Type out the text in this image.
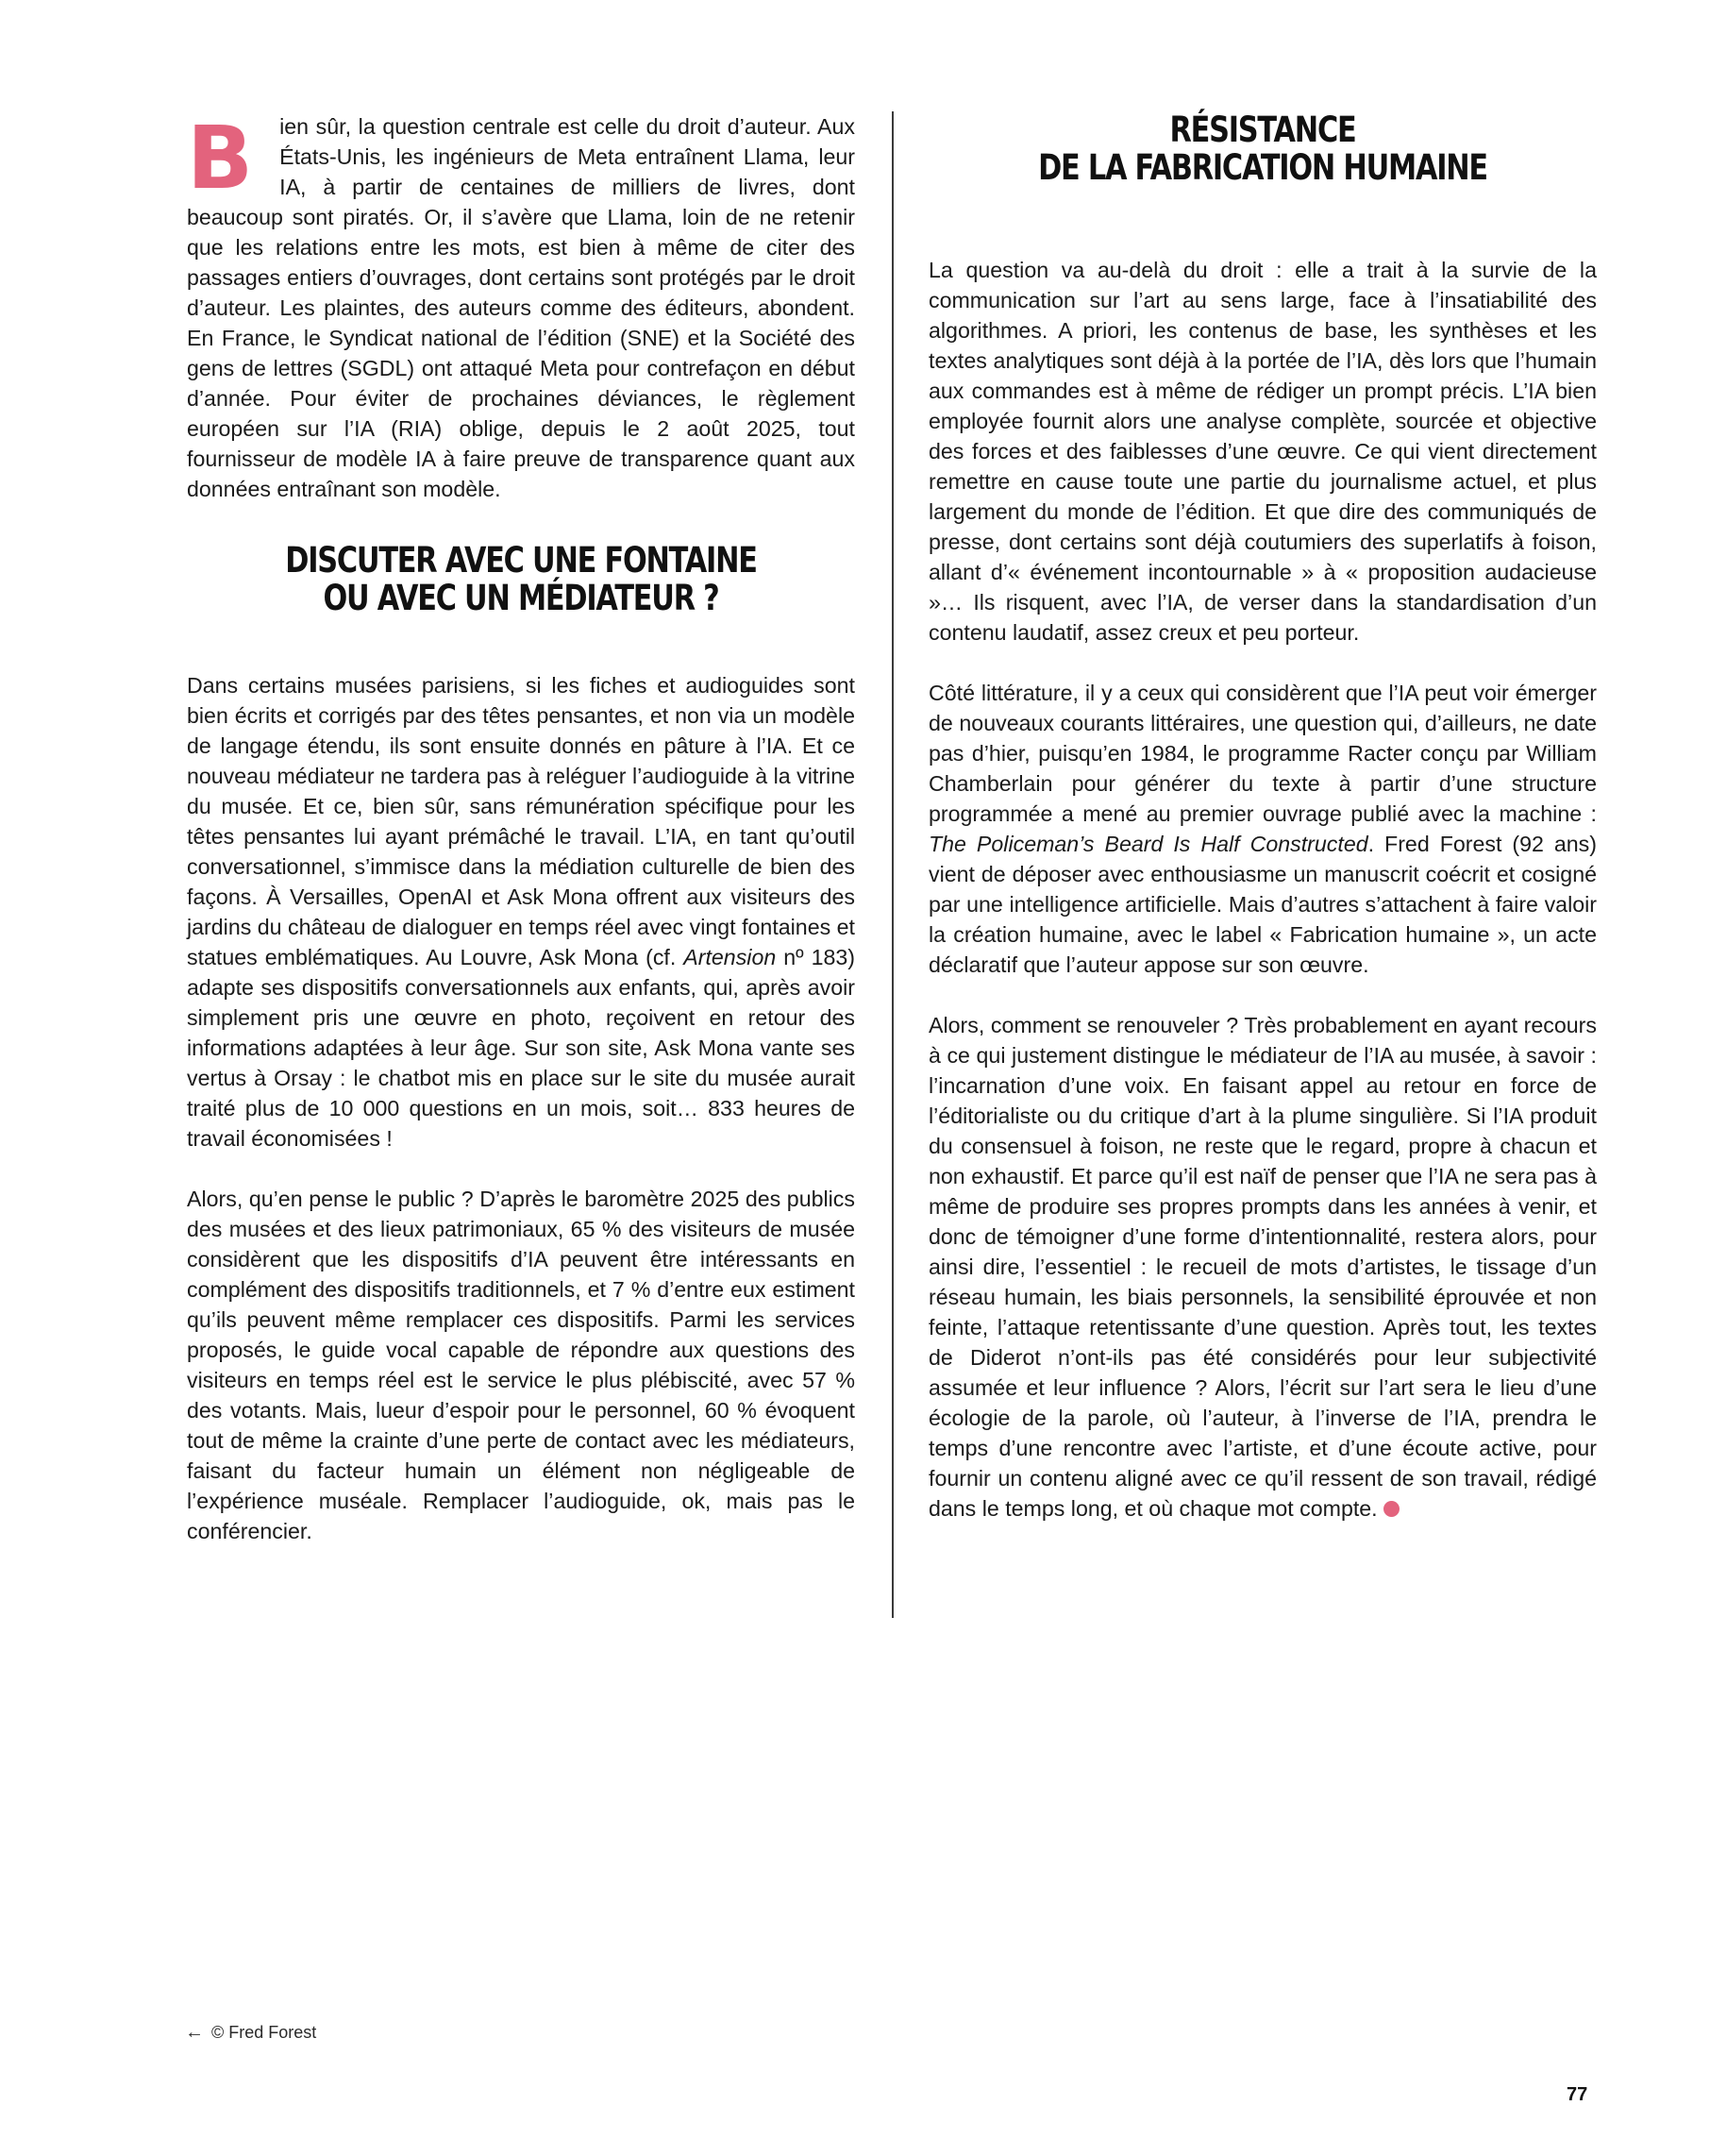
B ien sûr, la question centrale est celle du droit d’auteur. Aux États-Unis, les ingénieurs de Meta entraînent Llama, leur IA, à partir de centaines de milliers de livres, dont beaucoup sont piratés. Or, il s’avère que Llama, loin de ne retenir que les relations entre les mots, est bien à même de citer des passages entiers d’ouvrages, dont certains sont protégés par le droit d’auteur. Les plaintes, des auteurs comme des éditeurs, abondent. En France, le Syndicat national de l’édition (SNE) et la Société des gens de lettres (SGDL) ont attaqué Meta pour contrefaçon en début d’année. Pour éviter de prochaines déviances, le règlement européen sur l’IA (RIA) oblige, depuis le 2 août 2025, tout fournisseur de modèle IA à faire preuve de transparence quant aux données entraînant son modèle.

DISCUTER AVEC UNE FONTAINE
OU AVEC UN MÉDIATEUR ?

Dans certains musées parisiens, si les fiches et audioguides sont bien écrits et corrigés par des têtes pensantes, et non via un modèle de langage étendu, ils sont ensuite donnés en pâture à l’IA. Et ce nouveau médiateur ne tardera pas à reléguer l’audioguide à la vitrine du musée. Et ce, bien sûr, sans rémunération spécifique pour les têtes pensantes lui ayant prémâché le travail. L’IA, en tant qu’outil conversationnel, s’immisce dans la médiation culturelle de bien des façons. À Versailles, OpenAI et Ask Mona offrent aux visiteurs des jardins du château de dialoguer en temps réel avec vingt fontaines et statues emblématiques. Au Louvre, Ask Mona (cf. Artension nº 183) adapte ses dispositifs conversationnels aux enfants, qui, après avoir simplement pris une œuvre en photo, reçoivent en retour des informations adaptées à leur âge. Sur son site, Ask Mona vante ses vertus à Orsay : le chatbot mis en place sur le site du musée aurait traité plus de 10 000 questions en un mois, soit… 833 heures de travail économisées !

Alors, qu’en pense le public ? D’après le baromètre 2025 des publics des musées et des lieux patrimoniaux, 65 % des visiteurs de musée considèrent que les dispositifs d’IA peuvent être intéressants en complément des dispositifs traditionnels, et 7 % d’entre eux estiment qu’ils peuvent même remplacer ces dispositifs. Parmi les services proposés, le guide vocal capable de répondre aux questions des visiteurs en temps réel est le service le plus plébiscité, avec 57 % des votants. Mais, lueur d’espoir pour le personnel, 60 % évoquent tout de même la crainte d’une perte de contact avec les médiateurs, faisant du facteur humain un élément non négligeable de l’expérience muséale. Remplacer l’audioguide, ok, mais pas le conférencier.

RÉSISTANCE
DE LA FABRICATION HUMAINE

La question va au-delà du droit : elle a trait à la survie de la communication sur l’art au sens large, face à l’insatiabilité des algorithmes. A priori, les contenus de base, les synthèses et les textes analytiques sont déjà à la portée de l’IA, dès lors que l’humain aux commandes est à même de rédiger un prompt précis. L’IA bien employée fournit alors une analyse complète, sourcée et objective des forces et des faiblesses d’une œuvre. Ce qui vient directement remettre en cause toute une partie du journalisme actuel, et plus largement du monde de l’édition. Et que dire des communiqués de presse, dont certains sont déjà coutumiers des superlatifs à foison, allant d’« événement incontournable » à « proposition audacieuse »… Ils risquent, avec l’IA, de verser dans la standardisation d’un contenu laudatif, assez creux et peu porteur.

Côté littérature, il y a ceux qui considèrent que l’IA peut voir émerger de nouveaux courants littéraires, une question qui, d’ailleurs, ne date pas d’hier, puisqu’en 1984, le programme Racter conçu par William Chamberlain pour générer du texte à partir d’une structure programmée a mené au premier ouvrage publié avec la machine : The Policeman’s Beard Is Half Constructed. Fred Forest (92 ans) vient de déposer avec enthousiasme un manuscrit coécrit et cosigné par une intelligence artificielle. Mais d’autres s’attachent à faire valoir la création humaine, avec le label « Fabrication humaine », un acte déclaratif que l’auteur appose sur son œuvre.

Alors, comment se renouveler ? Très probablement en ayant recours à ce qui justement distingue le médiateur de l’IA au musée, à savoir : l’incarnation d’une voix. En faisant appel au retour en force de l’éditorialiste ou du critique d’art à la plume singulière. Si l’IA produit du consensuel à foison, ne reste que le regard, propre à chacun et non exhaustif. Et parce qu’il est naïf de penser que l’IA ne sera pas à même de produire ses propres prompts dans les années à venir, et donc de témoigner d’une forme d’intentionnalité, restera alors, pour ainsi dire, l’essentiel : le recueil de mots d’artistes, le tissage d’un réseau humain, les biais personnels, la sensibilité éprouvée et non feinte, l’attaque retentissante d’une question. Après tout, les textes de Diderot n’ont-ils pas été considérés pour leur subjectivité assumée et leur influence ? Alors, l’écrit sur l’art sera le lieu d’une écologie de la parole, où l’auteur, à l’inverse de l’IA, prendra le temps d’une rencontre avec l’artiste, et d’une écoute active, pour fournir un contenu aligné avec ce qu’il ressent de son travail, rédigé dans le temps long, et où chaque mot compte.

← © Fred Forest
77
